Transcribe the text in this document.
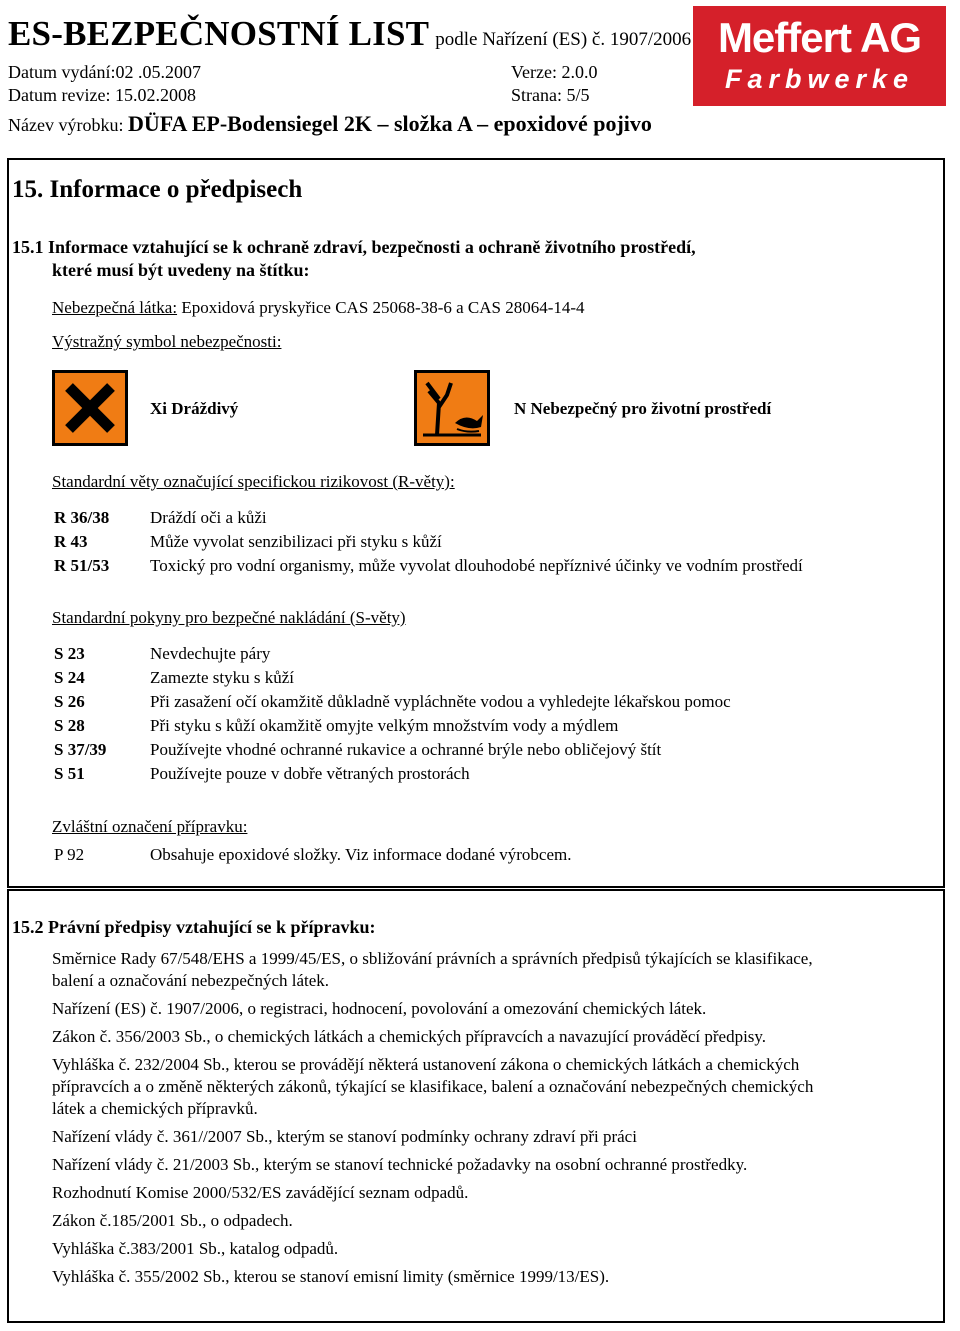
ES-BEZPEČNOSTNÍ LIST podle Nařízení (ES) č. 1907/2006
Datum vydání:02 .05.2007	Verze: 2.0.0
Datum revize: 15.02.2008	Strana: 5/5
Název výrobku: DÜFA EP-Bodensiegel 2K – složka A – epoxidové pojivo
Meffert AG
Farbwerke
15. Informace o předpisech
15.1 Informace vztahující se k ochraně zdraví, bezpečnosti a ochraně životního prostředí,
které musí být uvedeny na štítku:
Nebezpečná látka: Epoxidová pryskyřice CAS 25068-38-6 a CAS 28064-14-4
Výstražný symbol nebezpečnosti:
Xi Dráždivý	N Nebezpečný pro životní prostředí
Standardní věty označující specifickou rizikovost (R-věty):
R 36/38 Dráždí oči a kůži
R 43	Může vyvolat senzibilizaci při styku s kůží
R 51/53 Toxický pro vodní organismy, může vyvolat dlouhodobé nepříznivé účinky ve vodním prostředí
Standardní pokyny pro bezpečné nakládání (S-věty)
S 23	Nevdechujte páry
S 24	Zamezte styku s kůží
S 26	Při zasažení očí okamžitě důkladně vypláchněte vodou a vyhledejte lékařskou pomoc
S 28	Při styku s kůží okamžitě omyjte velkým množstvím vody a mýdlem
S 37/39	Používejte vhodné ochranné rukavice a ochranné brýle nebo obličejový štít
S 51	Používejte pouze v dobře větraných prostorách
Zvláštní označení přípravku:
P 92	Obsahuje epoxidové složky. Viz informace dodané výrobcem.
15.2 Právní předpisy vztahující se k přípravku:
Směrnice Rady 67/548/EHS a 1999/45/ES, o sbližování právních a správních předpisů týkajících se klasifikace,
balení a označování nebezpečných látek.
Nařízení (ES) č. 1907/2006, o registraci, hodnocení, povolování a omezování chemických látek.
Zákon č. 356/2003 Sb., o chemických látkách a chemických přípravcích a navazující prováděcí předpisy.
Vyhláška č. 232/2004 Sb., kterou se provádějí některá ustanovení zákona o chemických látkách a chemických
přípravcích a o změně některých zákonů, týkající se klasifikace, balení a označování nebezpečných chemických
látek a chemických přípravků.
Nařízení vlády č. 361//2007 Sb., kterým se stanoví podmínky ochrany zdraví při práci
Nařízení vlády č. 21/2003 Sb., kterým se stanoví technické požadavky na osobní ochranné prostředky.
Rozhodnutí Komise 2000/532/ES zavádějící seznam odpadů.
Zákon č.185/2001 Sb., o odpadech.
Vyhláška č.383/2001 Sb., katalog odpadů.
Vyhláška č. 355/2002 Sb., kterou se stanoví emisní limity (směrnice 1999/13/ES).
